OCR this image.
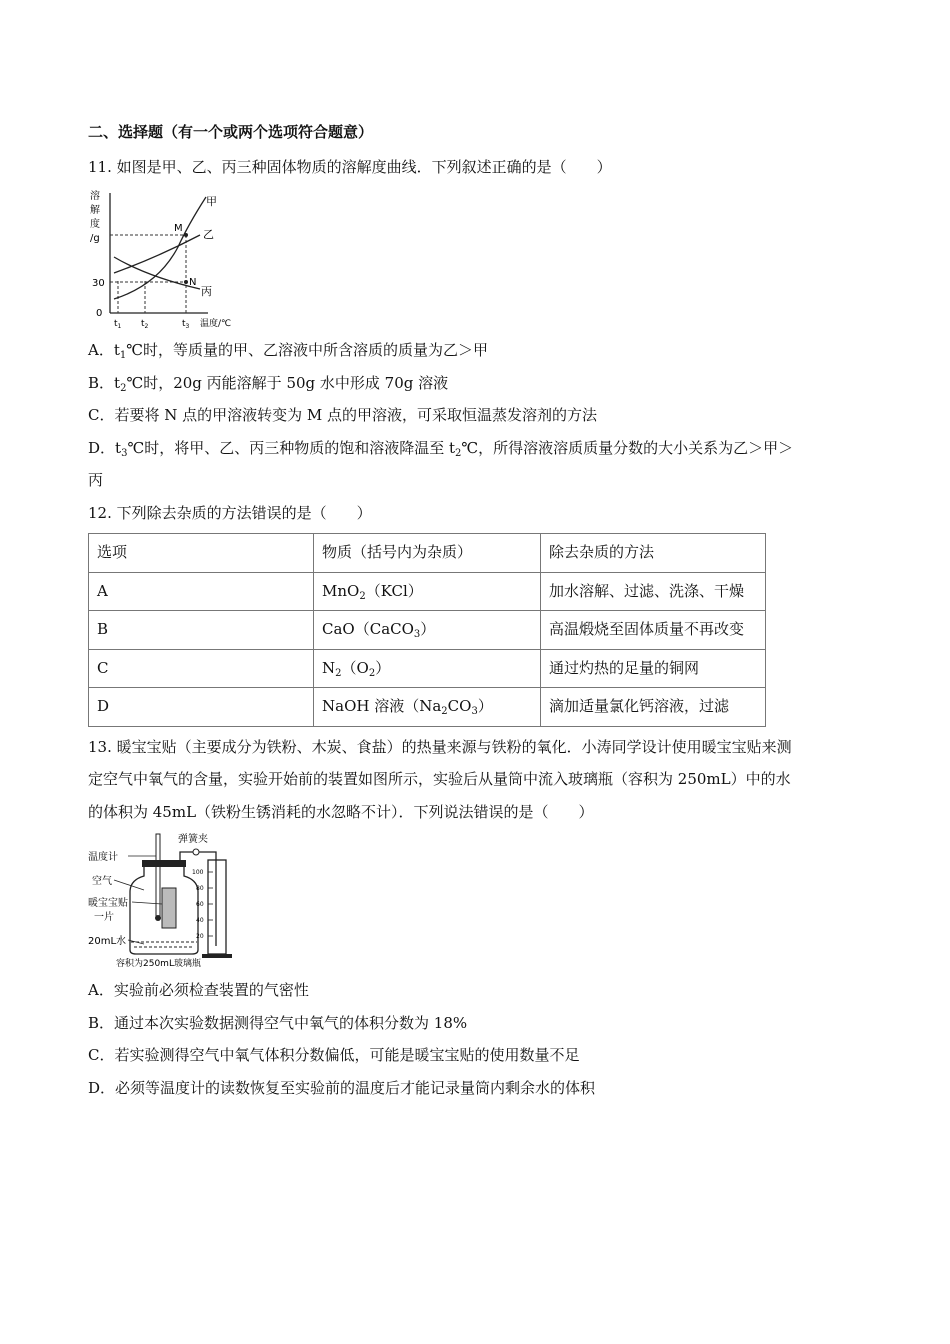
二、选择题（有一个或两个选项符合题意）
11. 如图是甲、乙、丙三种固体物质的溶解度曲线．下列叙述正确的是（　　）
溶
解
度
/g
30
0
M
N
甲
乙
丙
$t_1$ $t_2$	$t_3$ 温度/℃
A．$t_1℃$时，等质量的甲、乙溶液中所含溶质的质量为乙＞甲
B．$t_2℃$时，20g 丙能溶解于 50g 水中形成 70g 溶液
C．若要将 N 点的甲溶液转变为 M 点的甲溶液，可采取恒温蒸发溶剂的方法
D．$t_3℃$时，将甲、乙、丙三种物质的饱和溶液降温至 $t_2℃$，所得溶液溶质质量分数的大小关系为乙＞甲＞
丙
12. 下列除去杂质的方法错误的是（　　）
选项	物质（括号内为杂质）	除去杂质的方法
A	MnO$_2$（KCl）	加水溶解、过滤、洗涤、干燥
B	CaO（CaCO$_3$）	高温煅烧至固体质量不再改变
C	$N_2(O_2)$	通过灼热的足量的铜网
D	NaOH 溶液$(Na_2CO_3)$	滴加适量氯化钙溶液，过滤
13. 暖宝宝贴（主要成分为铁粉、木炭、食盐）的热量来源与铁粉的氧化．小涛同学设计使用暖宝宝贴来测
定空气中氧气的含量，实验开始前的装置如图所示，实验后从量筒中流入玻璃瓶（容积为 250mL）中的水
的体积为 45mL（铁粉生锈消耗的水忽略不计）．下列说法错误的是（　　）
100
80
60
40
20
弹簧夹
温度计
空气
暖宝宝贴
一片
20mL水
容积为250mL玻璃瓶
A．实验前必须检查装置的气密性
B．通过本次实验数据测得空气中氧气的体积分数为 18%
C．若实验测得空气中氧气体积分数偏低，可能是暖宝宝贴的使用数量不足
D．必须等温度计的读数恢复至实验前的温度后才能记录量筒内剩余水的体积
